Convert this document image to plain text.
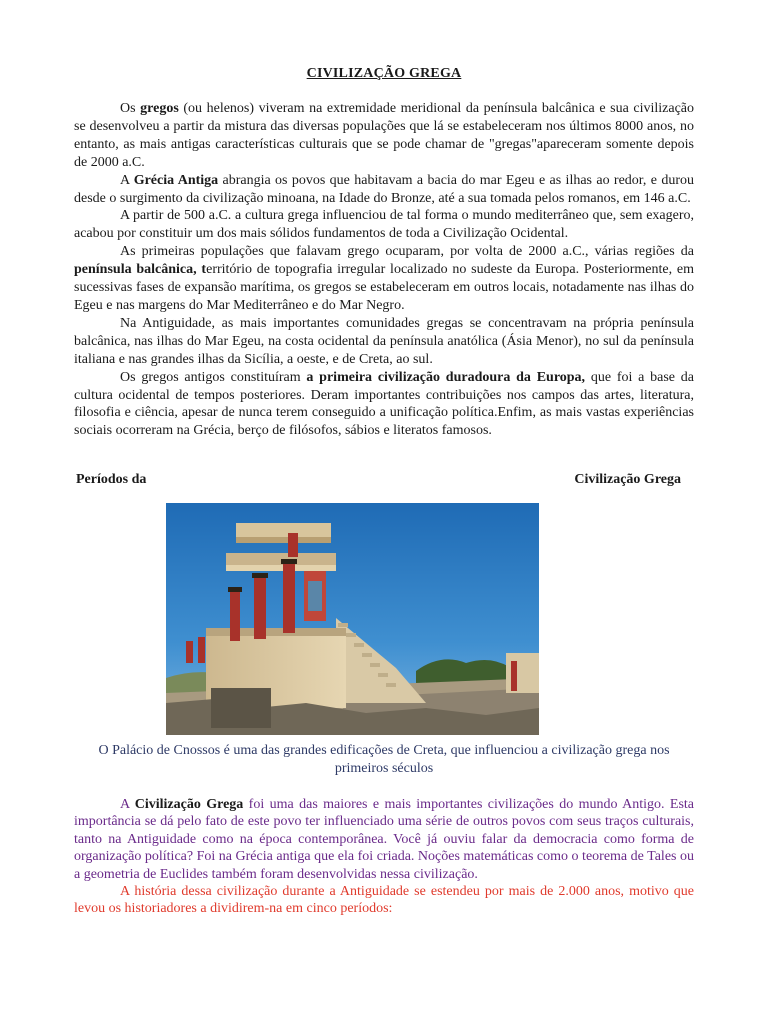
CIVILIZAÇÃO GREGA

Os gregos (ou helenos) viveram na extremidade meridional da península balcânica e sua civilização se desenvolveu a partir da mistura das diversas populações que lá se estabeleceram nos últimos 8000 anos, no entanto, as mais antigas características culturais que se pode chamar de "gregas"apareceram somente depois de 2000 a.C.

A Grécia Antiga abrangia os povos que habitavam a bacia do mar Egeu e as ilhas ao redor, e durou desde o surgimento da civilização minoana, na Idade do Bronze, até a sua tomada pelos romanos, em 146 a.C.

A partir de 500 a.C. a cultura grega influenciou de tal forma o mundo mediterrâneo que, sem exagero, acabou por constituir um dos mais sólidos fundamentos de toda a Civilização Ocidental.

As primeiras populações que falavam grego ocuparam, por volta de 2000 a.C., várias regiões da península balcânica, território de topografia irregular localizado no sudeste da Europa. Posteriormente, em sucessivas fases de expansão marítima, os gregos se estabeleceram em outros locais, notadamente nas ilhas do Egeu e nas margens do Mar Mediterrâneo e do Mar Negro.

Na Antiguidade, as mais importantes comunidades gregas se concentravam na própria península balcânica, nas ilhas do Mar Egeu, na costa ocidental da península anatólica (Ásia Menor), no sul da península italiana e nas grandes ilhas da Sicília, a oeste, e de Creta, ao sul.

Os gregos antigos constituíram a primeira civilização duradoura da Europa, que foi a base da cultura ocidental de tempos posteriores. Deram importantes contribuições nos campos das artes, literatura, filosofia e ciência, apesar de nunca terem conseguido a unificação política.Enfim, as mais vastas experiências sociais ocorreram na Grécia, berço de filósofos, sábios e literatos famosos.

Períodos da	Civilização Grega
O Palácio de Cnossos é uma das grandes edificações de Creta, que influenciou a civilização grega nos primeiros séculos

A Civilização Grega foi uma das maiores e mais importantes civilizações do mundo Antigo. Esta importância se dá pelo fato de este povo ter influenciado uma série de outros povos com seus traços culturais, tanto na Antiguidade como na época contemporânea. Você já ouviu falar da democracia como forma de organização política? Foi na Grécia antiga que ela foi criada. Noções matemáticas como o teorema de Tales ou a geometria de Euclides também foram desenvolvidas nessa civilização.

A história dessa civilização durante a Antiguidade se estendeu por mais de 2.000 anos, motivo que levou os historiadores a dividirem-na em cinco períodos:
